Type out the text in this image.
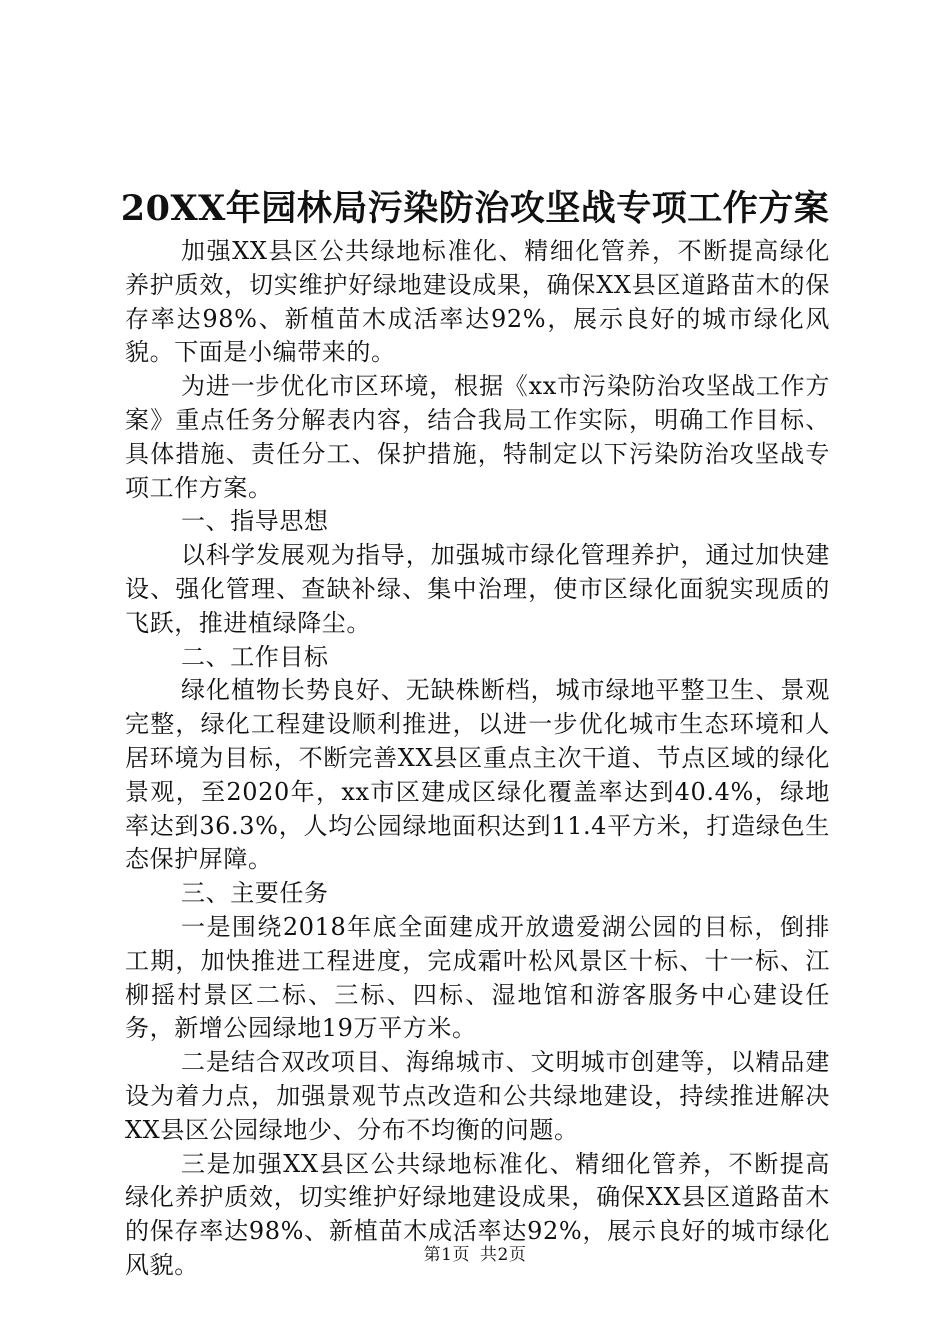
20XX年园林局污染防治攻坚战专项工作方案

加强XX县区公共绿地标准化、精细化管养，不断提高绿化养护质效，切实维护好绿地建设成果，确保XX县区道路苗木的保存率达98%、新植苗木成活率达92%，展示良好的城市绿化风貌。下面是小编带来的。

为进一步优化市区环境，根据《xx市污染防治攻坚战工作方案》重点任务分解表内容，结合我局工作实际，明确工作目标、具体措施、责任分工、保护措施，特制定以下污染防治攻坚战专项工作方案。

一、指导思想

以科学发展观为指导，加强城市绿化管理养护，通过加快建设、强化管理、查缺补绿、集中治理，使市区绿化面貌实现质的飞跃，推进植绿降尘。

二、工作目标

绿化植物长势良好、无缺株断档，城市绿地平整卫生、景观完整，绿化工程建设顺利推进，以进一步优化城市生态环境和人居环境为目标，不断完善XX县区重点主次干道、节点区域的绿化景观，至2020年，xx市区建成区绿化覆盖率达到40.4%，绿地率达到36.3%，人均公园绿地面积达到11.4平方米，打造绿色生态保护屏障。

三、主要任务

一是围绕2018年底全面建成开放遗爱湖公园的目标，倒排工期，加快推进工程进度，完成霜叶松风景区十标、十一标、江柳摇村景区二标、三标、四标、湿地馆和游客服务中心建设任务，新增公园绿地19万平方米。

二是结合双改项目、海绵城市、文明城市创建等，以精品建设为着力点，加强景观节点改造和公共绿地建设，持续推进解决XX县区公园绿地少、分布不均衡的问题。

三是加强XX县区公共绿地标准化、精细化管养，不断提高绿化养护质效，切实维护好绿地建设成果，确保XX县区道路苗木的保存率达98%、新植苗木成活率达92%，展示良好的城市绿化风貌。	第1页 共2页
